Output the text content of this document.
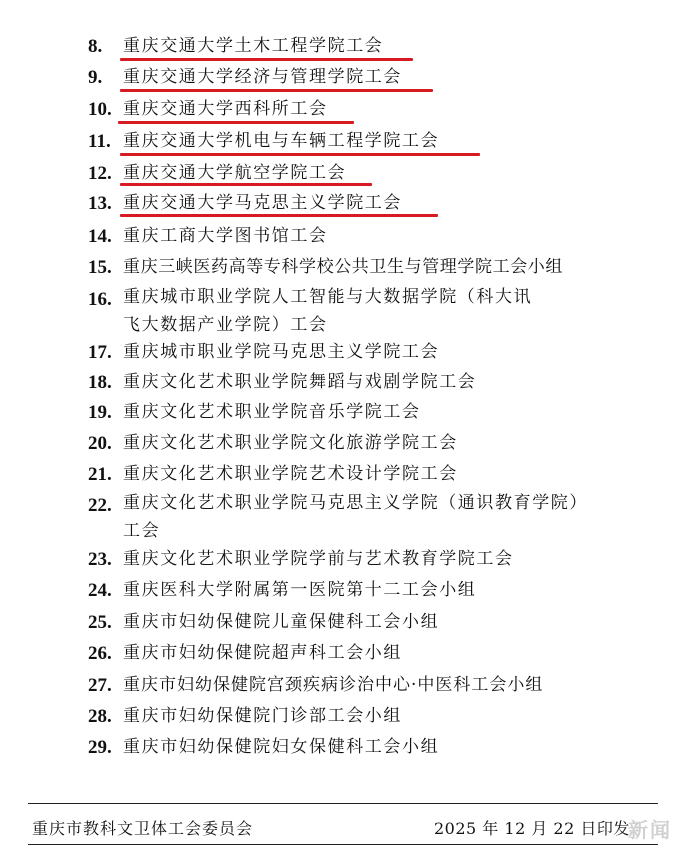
8.	重庆交通大学土木工程学院工会
9.	重庆交通大学经济与管理学院工会
10. 重庆交通大学西科所工会
11. 重庆交通大学机电与车辆工程学院工会
12. 重庆交通大学航空学院工会
13. 重庆交通大学马克思主义学院工会
14. 重庆工商大学图书馆工会
15. 重庆三峡医药高等专科学校公共卫生与管理学院工会小组
16. 重庆城市职业学院人工智能与大数据学院（科大讯飞大数据产业学院）工会
17. 重庆城市职业学院马克思主义学院工会
18. 重庆文化艺术职业学院舞蹈与戏剧学院工会
19. 重庆文化艺术职业学院音乐学院工会
20. 重庆文化艺术职业学院文化旅游学院工会
21. 重庆文化艺术职业学院艺术设计学院工会
22. 重庆文化艺术职业学院马克思主义学院（通识教育学院）工会
23. 重庆文化艺术职业学院学前与艺术教育学院工会
24. 重庆医科大学附属第一医院第十二工会小组
25. 重庆市妇幼保健院儿童保健科工会小组
26. 重庆市妇幼保健院超声科工会小组
27. 重庆市妇幼保健院宫颈疾病诊治中心·中医科工会小组
28. 重庆市妇幼保健院门诊部工会小组
29. 重庆市妇幼保健院妇女保健科工会小组
重庆市教科文卫体工会委员会	2025 年 12 月 22 日印发
新闻
